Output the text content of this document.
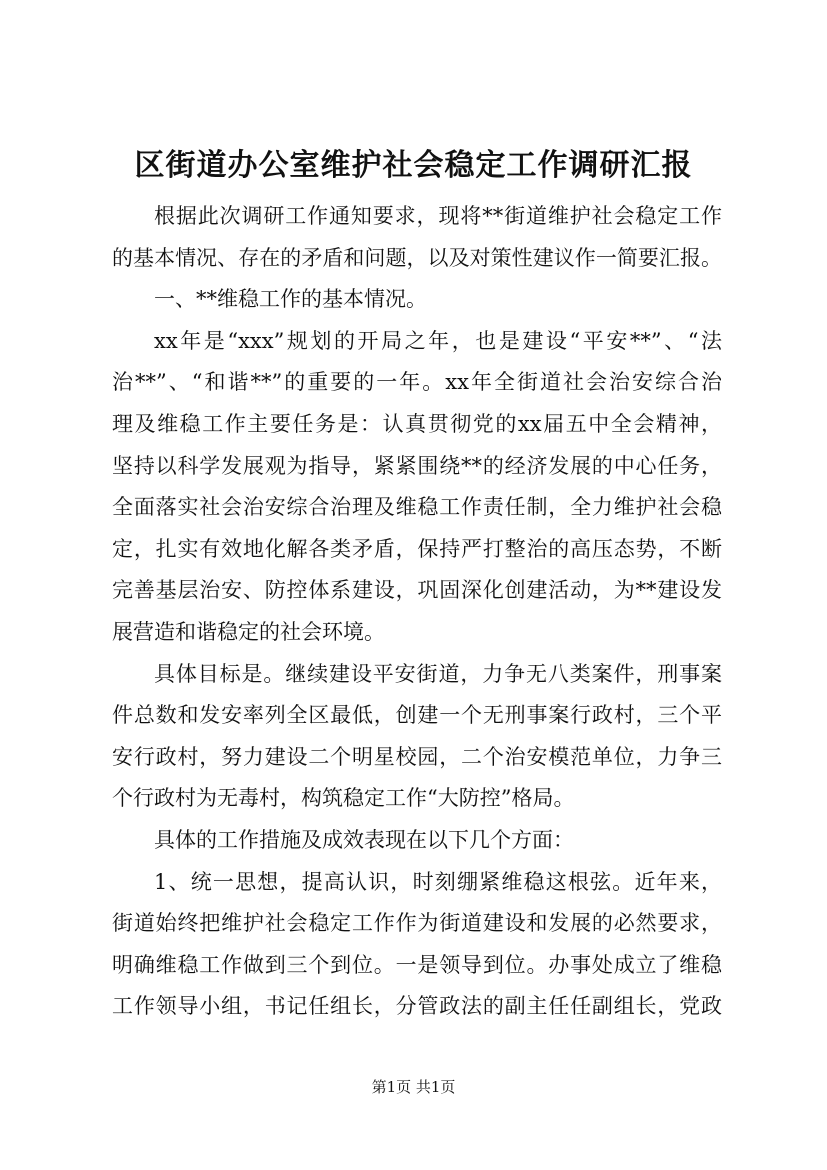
区街道办公室维护社会稳定工作调研汇报
根据此次调研工作通知要求，现将**街道维护社会稳定工作
的基本情况、存在的矛盾和问题，以及对策性建议作一简要汇报。
一、**维稳工作的基本情况。
xx年是“xxx”规划的开局之年，也是建设“平安**”、“法
治**”、“和谐**”的重要的一年。xx年全街道社会治安综合治
理及维稳工作主要任务是：认真贯彻党的xx届五中全会精神，
坚持以科学发展观为指导，紧紧围绕**的经济发展的中心任务，
全面落实社会治安综合治理及维稳工作责任制，全力维护社会稳
定，扎实有效地化解各类矛盾，保持严打整治的高压态势，不断
完善基层治安、防控体系建设，巩固深化创建活动，为**建设发
展营造和谐稳定的社会环境。
具体目标是。继续建设平安街道，力争无八类案件，刑事案
件总数和发安率列全区最低，创建一个无刑事案行政村，三个平
安行政村，努力建设二个明星校园，二个治安模范单位，力争三
个行政村为无毒村，构筑稳定工作“大防控”格局。
具体的工作措施及成效表现在以下几个方面：
1、统一思想，提高认识，时刻绷紧维稳这根弦。近年来，
街道始终把维护社会稳定工作作为街道建设和发展的必然要求，
明确维稳工作做到三个到位。一是领导到位。办事处成立了维稳
工作领导小组，书记任组长，分管政法的副主任任副组长，党政
第1页 共1页
